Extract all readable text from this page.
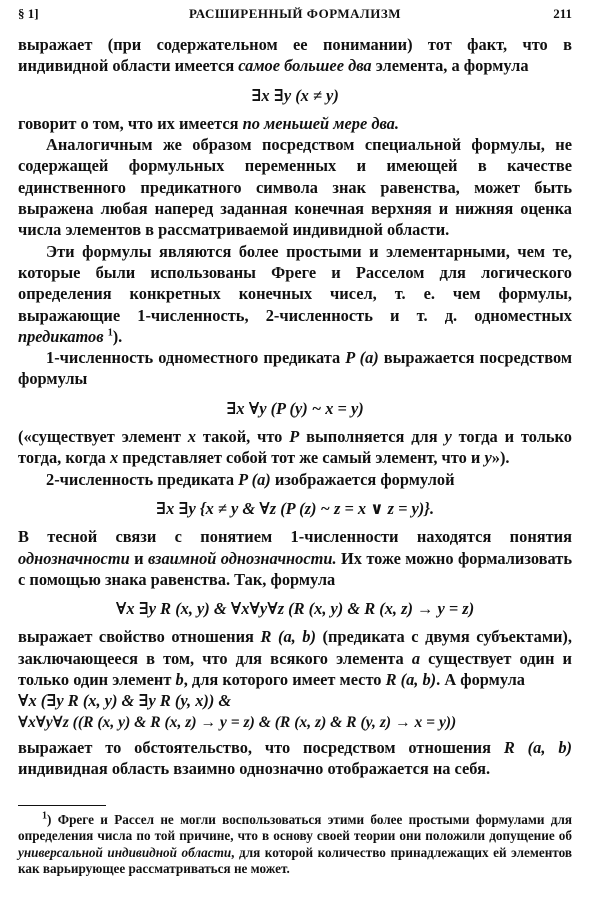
§ 1]	РАСШИРЕННЫЙ ФОРМАЛИЗМ	211

выражает (при содержательном ее понимании) тот факт, что в индивидной области имеется самое большее два элемента, а формула

∃x ∃y (x ≠ y)

говорит о том, что их имеется по меньшей мере два.

Аналогичным же образом посредством специальной формулы, не содержащей формульных переменных и имеющей в качестве единственного предикатного символа знак равенства, может быть выражена любая наперед заданная конечная верхняя и нижняя оценка числа элементов в рассматриваемой индивидной области.

Эти формулы являются более простыми и элементарными, чем те, которые были использованы Фреге и Расселом для логического определения конкретных конечных чисел, т. е. чем формулы, выражающие 1-численность, 2-численность и т. д. одноместных предикатов $^1$).

1-численность одноместного предиката P (a) выражается посредством формулы

∃x ∀y (P (y) ~ x = y)

(«существует элемент x такой, что P выполняется для y тогда и только тогда, когда x представляет собой тот же самый элемент, что и y»).

2-численность предиката P (a) изображается формулой

∃x ∃y {x ≠ y & ∀z (P (z) ~ z = x ∨ z = y)}.

В тесной связи с понятием 1-численности находятся понятия однозначности и взаимной однозначности. Их тоже можно формализовать с помощью знака равенства. Так, формула

∀x ∃y R (x, y) & ∀x∀y∀z (R (x, y) & R (x, z) → y = z)

выражает свойство отношения R (a, b) (предиката с двумя субъектами), заключающееся в том, что для всякого элемента a существует один и только один элемент b, для которого имеет место R (a, b). А формула

∀x (∃y R (x, y) & ∃y R (y, x)) &
∀x∀y∀z ((R (x, y) & R (x, z) → y = z) & (R (x, z) & R (y, z) → x = y))

выражает то обстоятельство, что посредством отношения R (a, b) индивидная область взаимно однозначно отображается на себя.

$^1$) Фреге и Рассел не могли воспользоваться этими более простыми формулами для определения числа по той причине, что в основу своей теории они положили допущение об универсальной индивидной области, для которой количество принадлежащих ей элементов как варьирующее рассматриваться не может.
